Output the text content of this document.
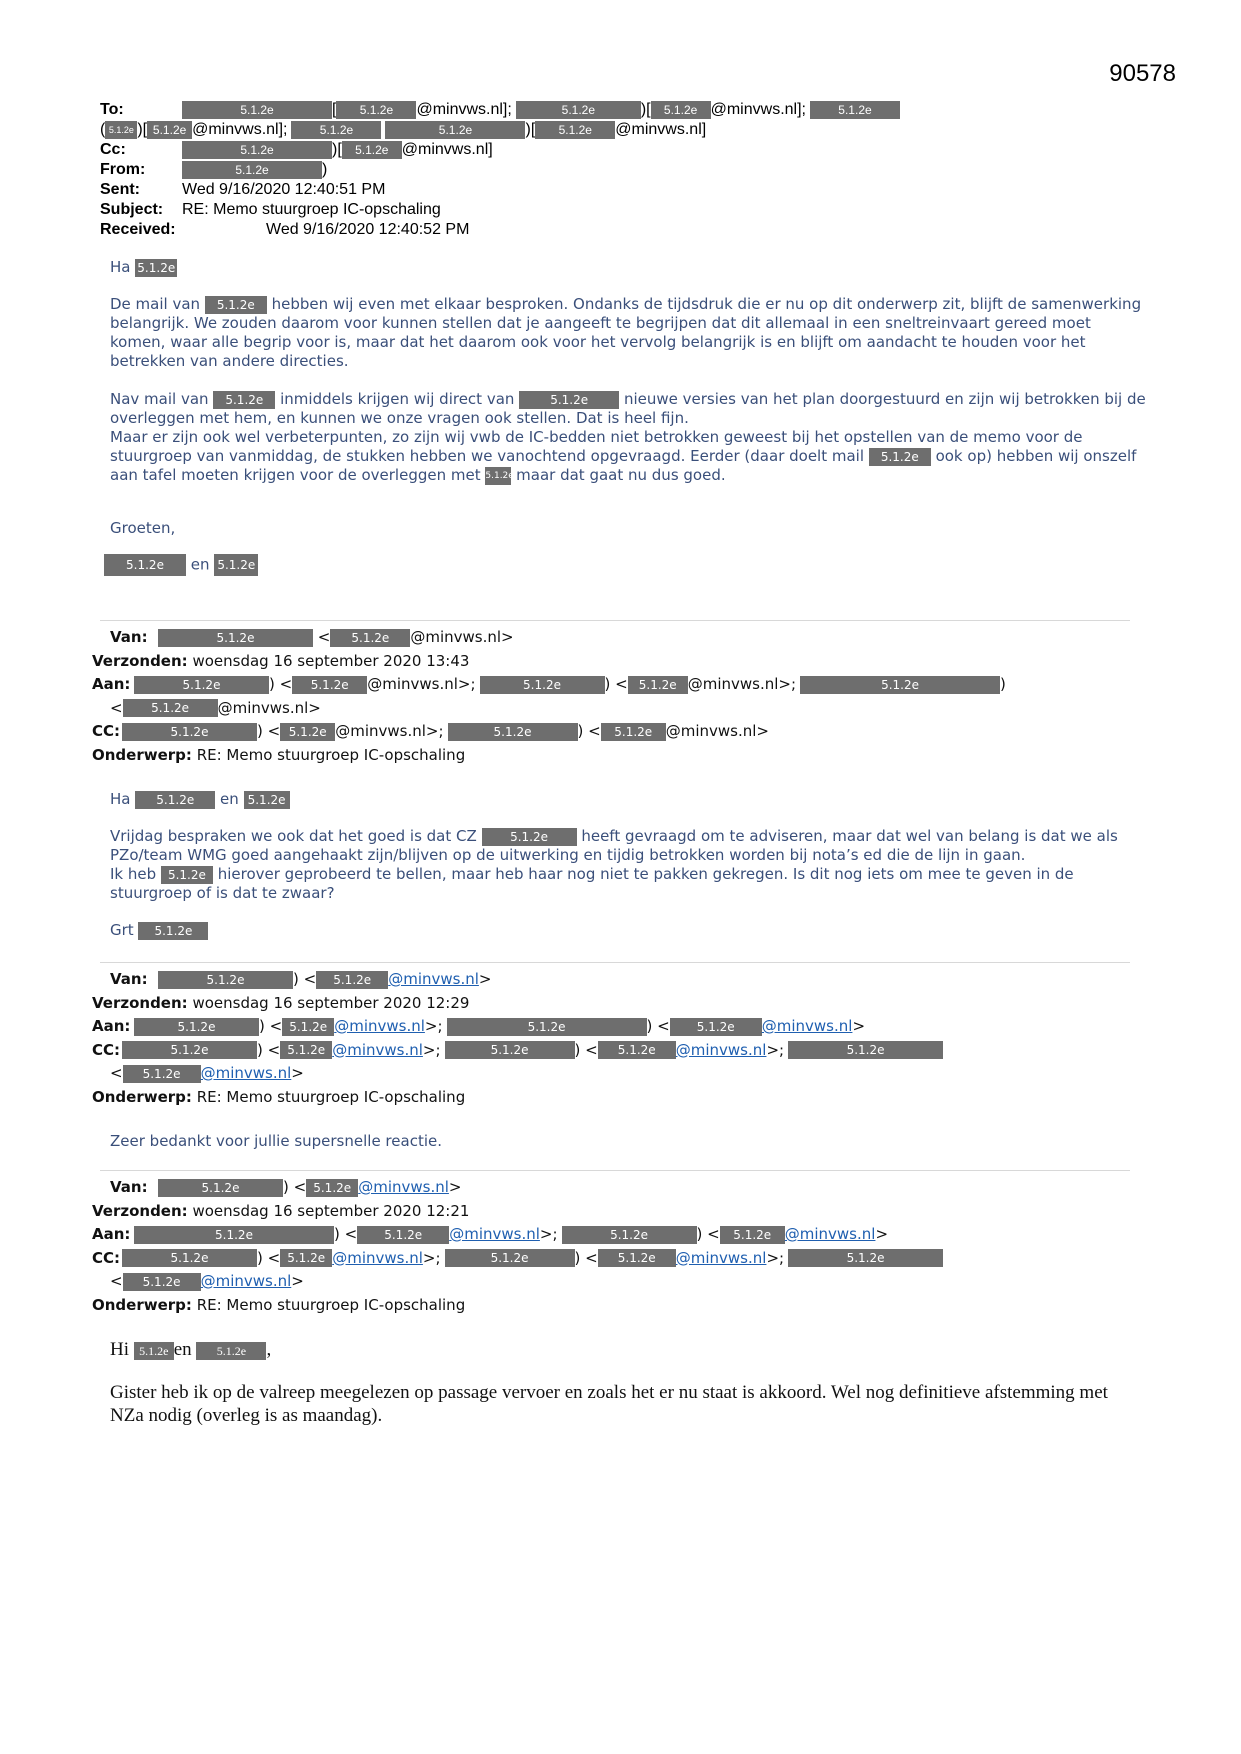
90578
To:	5.1.2e	[	5.1.2e	@minvws.nl];	5.1.2e	)[	5.1.2e @minvws.nl];	5.1.2e
( 5.1.2e )[ 5.1.2e @minvws.nl];	5.1.2e	5.1.2e	)[	5.1.2e	@minvws.nl]
Cc:	5.1.2e	)[	5.1.2e @minvws.nl]
From:	5.1.2e	)
Sent:	Wed 9/16/2020 12:40:51 PM
Subject:	RE: Memo stuurgroep IC-opschaling
Received:	Wed 9/16/2020 12:40:52 PM

Ha 5.1.2e

De mail van 5.1.2e hebben wij even met elkaar besproken. Ondanks de tijdsdruk die er nu op dit onderwerp zit, blijft de samenwerking belangrijk. We zouden daarom voor kunnen stellen dat je aangeeft te begrijpen dat dit allemaal in een sneltreinvaart gereed moet komen, waar alle begrip voor is, maar dat het daarom ook voor het vervolg belangrijk is en blijft om aandacht te houden voor het betrekken van andere directies.

Nav mail van 5.1.2e inmiddels krijgen wij direct van	5.1.2e nieuwe versies van het plan doorgestuurd en zijn wij betrokken bij de overleggen met hem, en kunnen we onze vragen ook stellen. Dat is heel fijn.
Maar er zijn ook wel verbeterpunten, zo zijn wij vwb de IC-bedden niet betrokken geweest bij het opstellen van de memo voor de stuurgroep van vanmiddag, de stukken hebben we vanochtend opgevraagd. Eerder (daar doelt mail 5.1.2e ook op) hebben wij onszelf aan tafel moeten krijgen voor de overleggen met 5.1.2e maar dat gaat nu dus goed.

Groeten,

5.1.2e en 5.1.2e

Van:	5.1.2e	<	5.1.2e	@minvws.nl>
Verzonden:
woensdag 16 september 2020 13:43
Aan:	5.1.2e	) <	5.1.2e	@minvws.nl>;	5.1.2e	) < 5.1.2e @minvws.nl>;	5.1.2e	)
<	5.1.2e	@minvws.nl>
CC:	5.1.2e	) < 5.1.2e @minvws.nl>;	5.1.2e	) <	5.1.2e @minvws.nl>
Onderwerp:
RE: Memo stuurgroep IC-opschaling

Ha 5.1.2e en 5.1.2e

Vrijdag bespraken we ook dat het goed is dat CZ	5.1.2e heeft gevraagd om te adviseren, maar dat wel van belang is dat we als PZo/team WMG goed aangehaakt zijn/blijven op de uitwerking en tijdig betrokken worden bij nota’s ed die de lijn in gaan.
Ik heb 5.1.2e hierover geprobeerd te bellen, maar heb haar nog niet te pakken gekregen. Is dit nog iets om mee te geven in de stuurgroep of is dat te zwaar?

Grt 5.1.2e

Van:	5.1.2e	) <	5.1.2e	@minvws.nl >
Verzonden:
woensdag 16 september 2020 12:29
Aan:	5.1.2e	) < 5.1.2e @minvws.nl >;	5.1.2e	) <	5.1.2e	@minvws.nl >
CC:	5.1.2e	) < 5.1.2e @minvws.nl >;	5.1.2e	) <	5.1.2e	@minvws.nl >;	5.1.2e
<	5.1.2e	@minvws.nl >
Onderwerp:
RE: Memo stuurgroep IC-opschaling

Zeer bedankt voor jullie supersnelle reactie.

Van:	5.1.2e	) < 5.1.2e @minvws.nl >
Verzonden:
woensdag 16 september 2020 12:21
Aan:	5.1.2e	) <	5.1.2e	@minvws.nl >;	5.1.2e	) <	5.1.2e @minvws.nl >
CC:	5.1.2e	) < 5.1.2e @minvws.nl >;	5.1.2e	) <	5.1.2e	@minvws.nl >;	5.1.2e
<	5.1.2e	@minvws.nl >
Onderwerp:
RE: Memo stuurgroep IC-opschaling

Hi 5.1.2e en 5.1.2e ,

Gister heb ik op de valreep meegelezen op passage vervoer en zoals het er nu staat is akkoord. Wel nog definitieve afstemming met NZa nodig (overleg is as maandag).
